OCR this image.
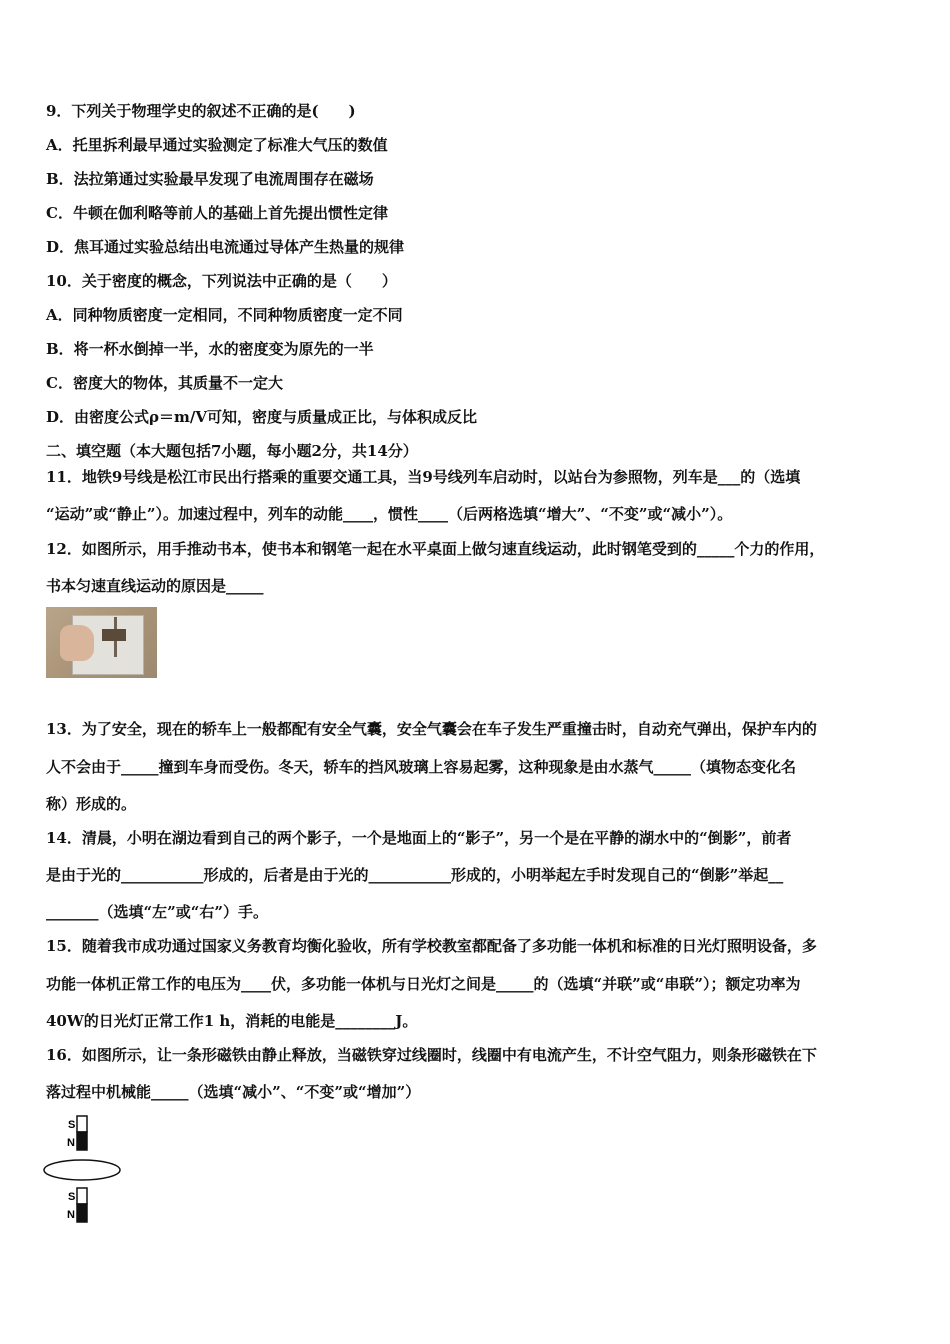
9．下列关于物理学史的叙述不正确的是(　　)
A．托里拆利最早通过实验测定了标准大气压的数值
B．法拉第通过实验最早发现了电流周围存在磁场
C．牛顿在伽利略等前人的基础上首先提出惯性定律
D．焦耳通过实验总结出电流通过导体产生热量的规律
10．关于密度的概念，下列说法中正确的是（　　）
A．同种物质密度一定相同，不同种物质密度一定不同
B．将一杯水倒掉一半，水的密度变为原先的一半
C．密度大的物体，其质量不一定大
D．由密度公式ρ＝m/V可知，密度与质量成正比，与体积成反比
二、填空题（本大题包括7小题，每小题2分，共14分）
11．地铁9号线是松江市民出行搭乘的重要交通工具，当9号线列车启动时，以站台为参照物，列车是___的（选填
“运动”或“静止”）。加速过程中，列车的动能____，惯性____（后两格选填“增大”、“不变”或“减小”）。
12．如图所示，用手推动书本，使书本和钢笔一起在水平桌面上做匀速直线运动，此时钢笔受到的_____个力的作用，
书本匀速直线运动的原因是_____
13．为了安全，现在的轿车上一般都配有安全气囊，安全气囊会在车子发生严重撞击时，自动充气弹出，保护车内的
人不会由于_____撞到车身而受伤。冬天，轿车的挡风玻璃上容易起雾，这种现象是由水蒸气_____（填物态变化名
称）形成的。
14．清晨，小明在湖边看到自己的两个影子，一个是地面上的“影子”，另一个是在平静的湖水中的“倒影”，前者
是由于光的___________形成的，后者是由于光的___________形成的，小明举起左手时发现自己的“倒影”举起__
_______（选填“左”或“右”）手。
15．随着我市成功通过国家义务教育均衡化验收，所有学校教室都配备了多功能一体机和标准的日光灯照明设备，多
功能一体机正常工作的电压为____伏，多功能一体机与日光灯之间是_____的（选填“并联”或“串联”）；额定功率为
40W的日光灯正常工作1 h，消耗的电能是________J。
16．如图所示，让一条形磁铁由静止释放，当磁铁穿过线圈时，线圈中有电流产生，不计空气阻力，则条形磁铁在下
落过程中机械能_____（选填“减小”、“不变”或“增加”）
S
N
S
N
